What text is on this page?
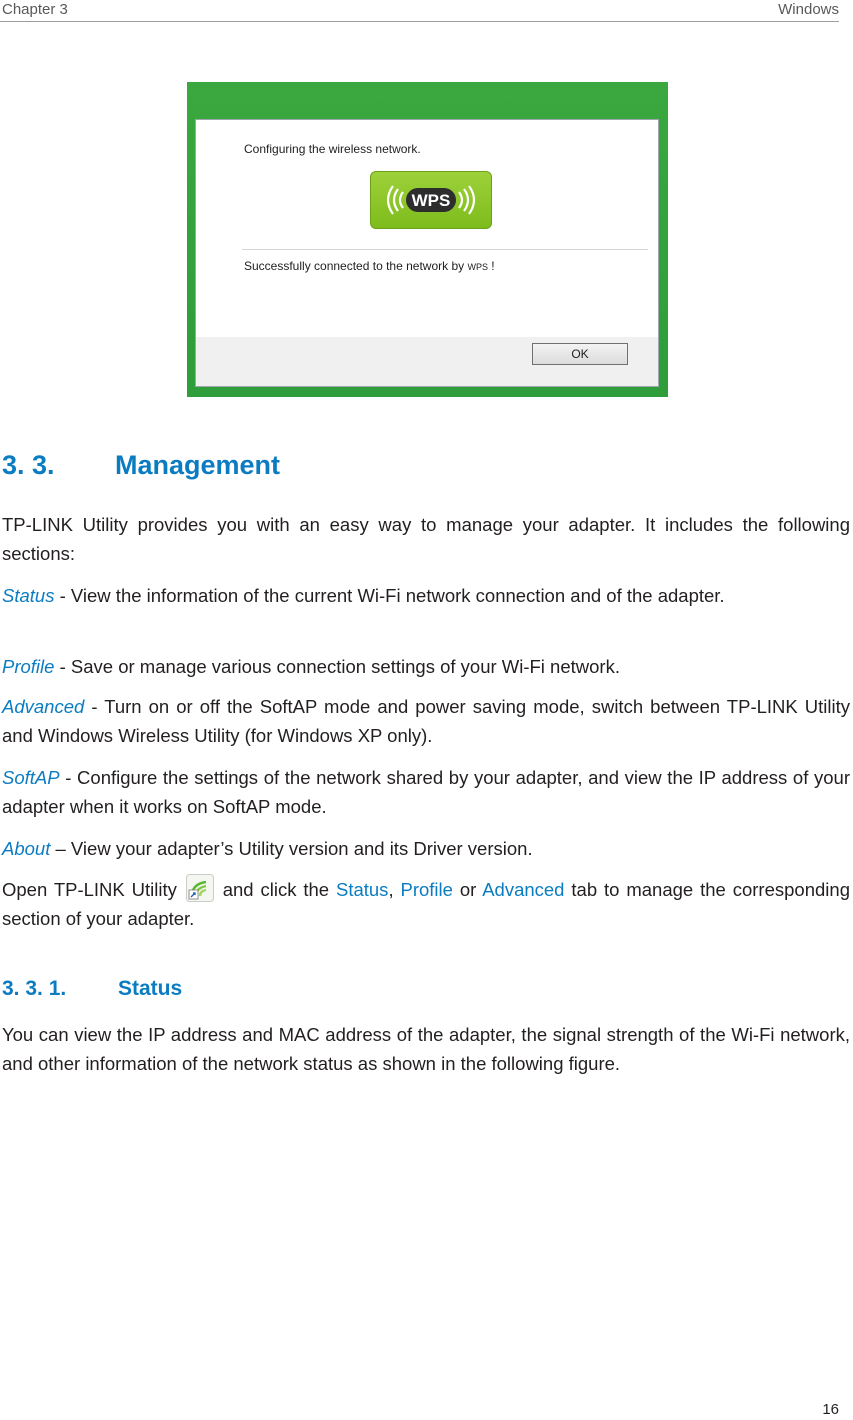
Chapter 3	Windows
Configuring the wireless network.
WPS
Successfully connected to the network by WPS !
OK
3. 3. Management
TP-LINK Utility provides you with an easy way to manage your adapter. It includes the following sections:
Status - View the information of the current Wi-Fi network connection and of the adapter.
Profile - Save or manage various connection settings of your Wi-Fi network.
Advanced - Turn on or off the SoftAP mode and power saving mode, switch between TP-LINK Utility and Windows Wireless Utility (for Windows XP only).
SoftAP - Configure the settings of the network shared by your adapter, and view the IP address of your adapter when it works on SoftAP mode.
About – View your adapter’s Utility version and its Driver version.
Open TP-LINK Utility  and click the Status, Profile or Advanced tab to manage the corresponding section of your adapter.
3. 3. 1. Status
You can view the IP address and MAC address of the adapter, the signal strength of the Wi-Fi network, and other information of the network status as shown in the following figure.
16
